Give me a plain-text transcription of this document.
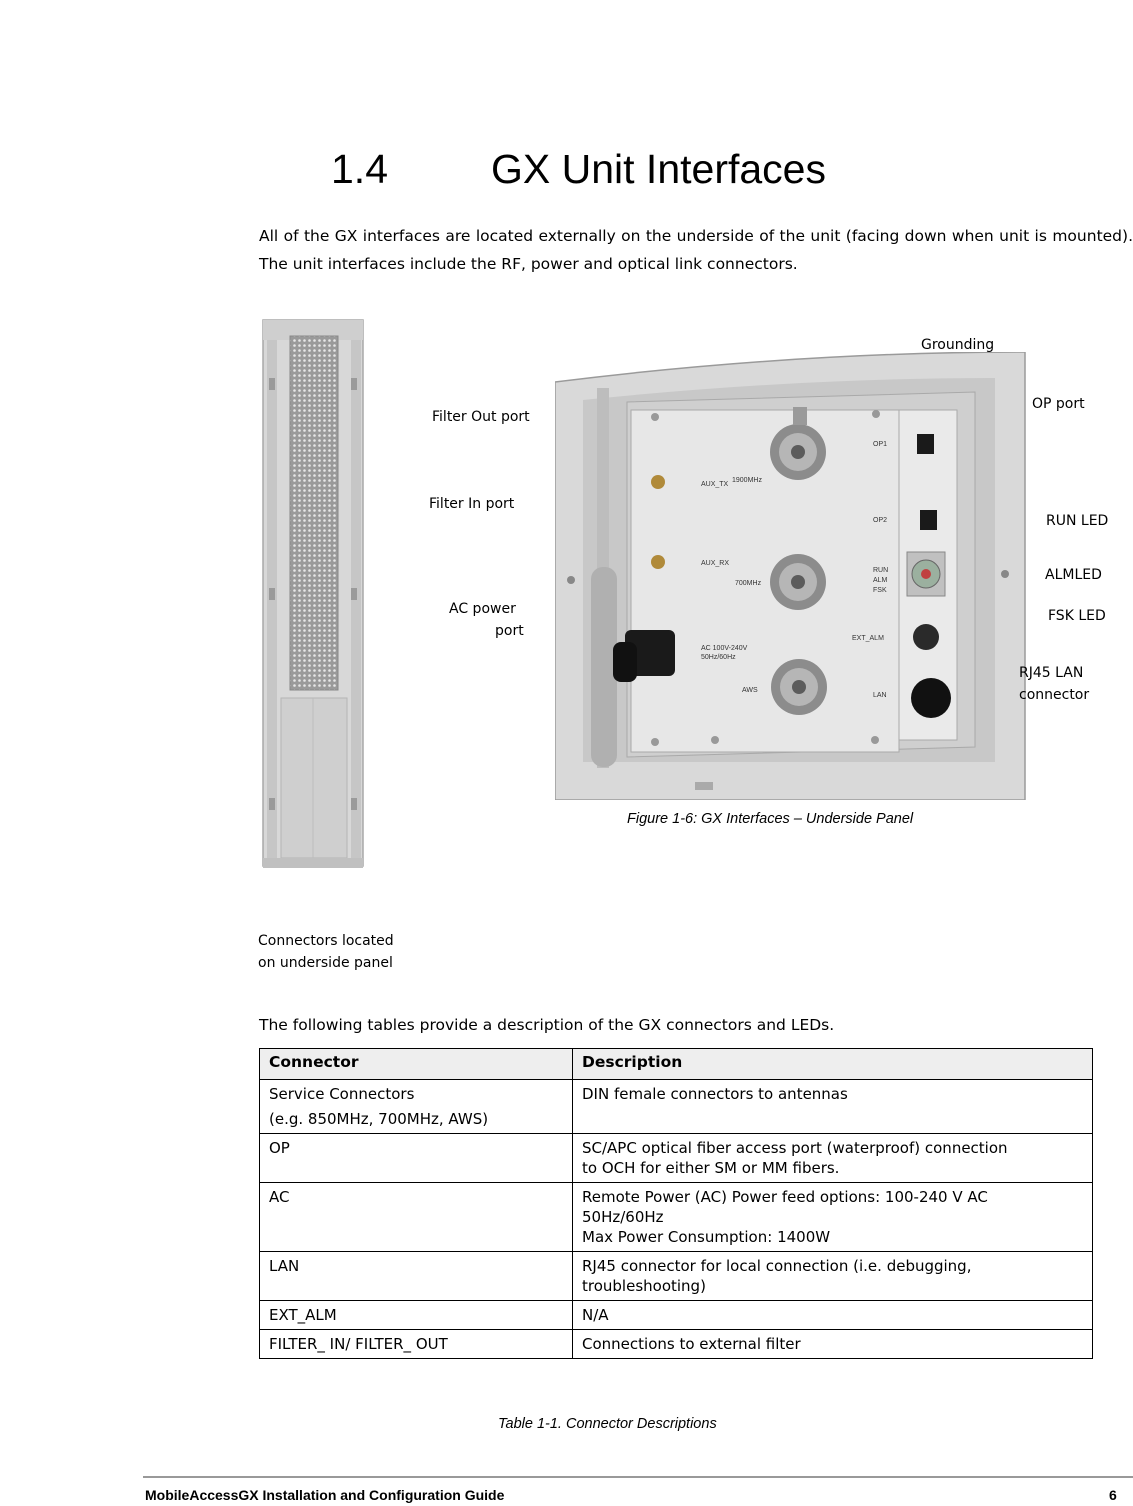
1.4	GX Unit Interfaces
All of the GX interfaces are located externally on the underside of the unit (facing down when unit is mounted). The unit interfaces include the RF, power and optical link connectors.
OP1
AUX_TX
1900MHz
OP2
AUX_RX
RUN
ALM
FSK
700MHz
EXT_ALM
AC 100V-240V
50Hz/60Hz
AWS
LAN
Grounding
Filter Out port
OP port
Filter In port
RUN LED
ALMLED
FSK LED
AC power
port
RJ45 LAN
connector
Connectors located
on underside panel
Figure 1-6: GX Interfaces – Underside Panel
The following tables provide a description of the GX connectors and LEDs.
Connector	Description

Service Connectors
(e.g. 850MHz, 700MHz, AWS)	DIN female connectors to antennas

OP	SC/APC optical fiber access port (waterproof) connection
to OCH for either SM or MM fibers.

AC	Remote Power (AC) Power feed options: 100-240 V AC
50Hz/60Hz
Max Power Consumption: 1400W

LAN	RJ45 connector for local connection (i.e. debugging,
troubleshooting)

EXT_ALM	N/A

FILTER_ IN/ FILTER_ OUT	Connections to external filter
Table 1-1. Connector Descriptions
MobileAccessGX Installation and Configuration Guide	6
